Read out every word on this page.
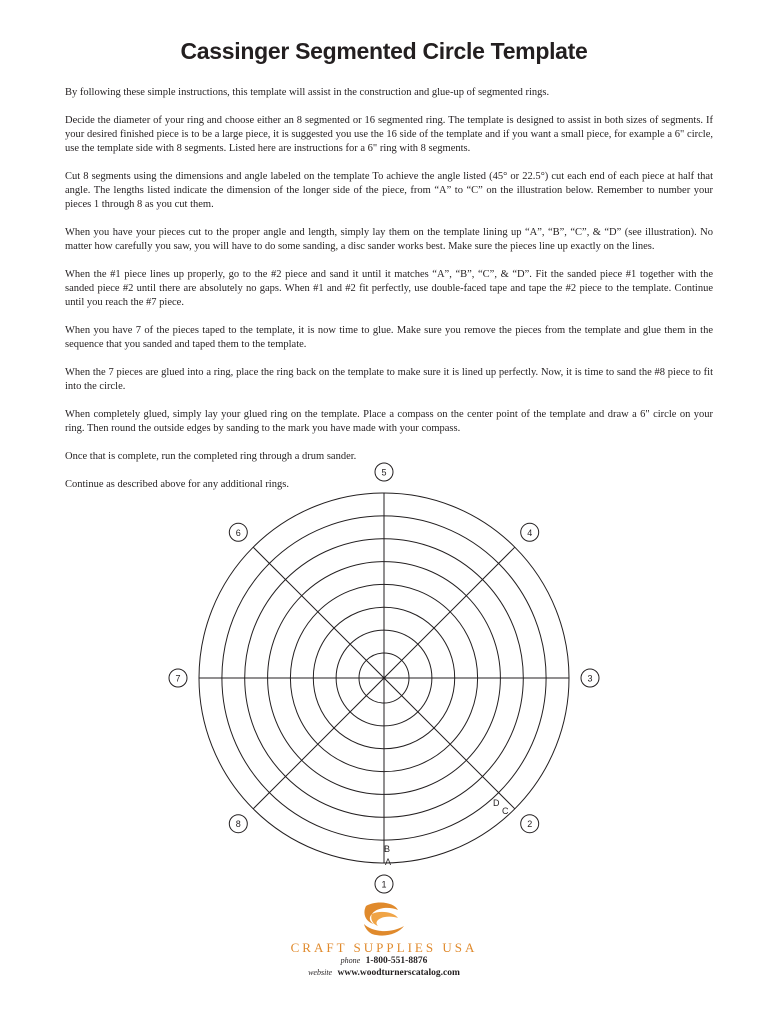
Cassinger Segmented Circle Template

By following these simple instructions, this template will assist in the construction and glue-up of segmented rings.

Decide the diameter of your ring and choose either an 8 segmented or 16 segmented ring. The template is designed to assist in both sizes of segments. If your desired finished piece is to be a large piece, it is suggested you use the 16 side of the template and if you want a small piece, for example a 6" circle, use the template side with 8 segments. Listed here are instructions for a 6" ring with 8 segments.

Cut 8 segments using the dimensions and angle labeled on the template To achieve the angle listed (45° or 22.5°) cut each end of each piece at half that angle. The lengths listed indicate the dimension of the longer side of the piece, from “A” to “C” on the illustration below. Remember to number your pieces 1 through 8 as you cut them.

When you have your pieces cut to the proper angle and length, simply lay them on the template lining up “A”, “B”, “C”, & “D” (see illustration). No matter how carefully you saw, you will have to do some sanding, a disc sander works best. Make sure the pieces line up exactly on the lines.

When the #1 piece lines up properly, go to the #2 piece and sand it until it matches “A”, “B”, “C”, & “D”. Fit the sanded piece #1 together with the sanded piece #2 until there are absolutely no gaps. When #1 and #2 fit perfectly, use double-faced tape and tape the #2 piece to the template. Continue until you reach the #7 piece.

When you have 7 of the pieces taped to the template, it is now time to glue. Make sure you remove the pieces from the template and glue them in the sequence that you sanded and taped them to the template.

When the 7 pieces are glued into a ring, place the ring back on the template to make sure it is lined up perfectly. Now, it is time to sand the #8 piece to fit into the circle.

When completely glued, simply lay your glued ring on the template. Place a compass on the center point of the template and draw a 6" circle on your ring. Then round the outside edges by sanding to the mark you have made with your compass.

Once that is complete, run the completed ring through a drum sander.

Continue as described above for any additional rings.

1
2
3
4
5
6
7
8
B
A
D
C
CRAFT SUPPLIES USA
phone 1-800-551-8876
website www.woodturnerscatalog.com
